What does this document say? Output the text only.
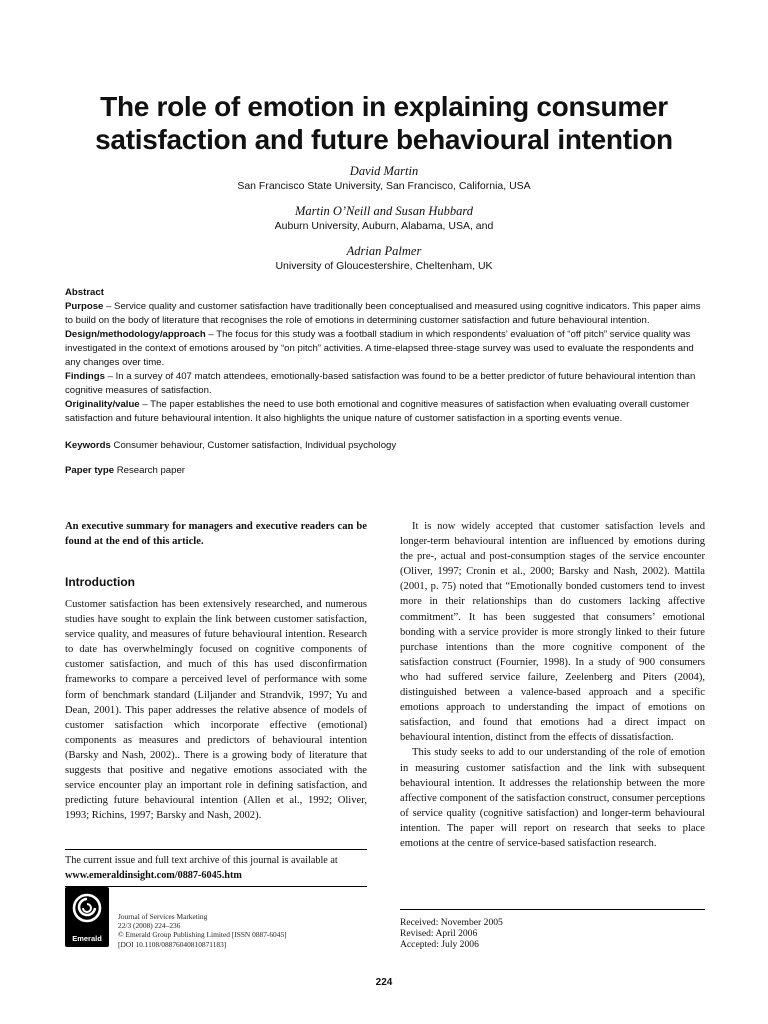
The role of emotion in explaining consumer satisfaction and future behavioural intention
David Martin
San Francisco State University, San Francisco, California, USA
Martin O’Neill and Susan Hubbard
Auburn University, Auburn, Alabama, USA, and
Adrian Palmer
University of Gloucestershire, Cheltenham, UK

Abstract

Purpose – Service quality and customer satisfaction have traditionally been conceptualised and measured using cognitive indicators. This paper aims to build on the body of literature that recognises the role of emotions in determining customer satisfaction and future behavioural intention.

Design/methodology/approach – The focus for this study was a football stadium in which respondents’ evaluation of “off pitch” service quality was investigated in the context of emotions aroused by “on pitch” activities. A time-elapsed three-stage survey was used to evaluate the respondents and any changes over time.

Findings – In a survey of 407 match attendees, emotionally-based satisfaction was found to be a better predictor of future behavioural intention than cognitive measures of satisfaction.

Originality/value – The paper establishes the need to use both emotional and cognitive measures of satisfaction when evaluating overall customer satisfaction and future behavioural intention. It also highlights the unique nature of customer satisfaction in a sporting events venue.

Keywords Consumer behaviour, Customer satisfaction, Individual psychology

Paper type Research paper

An executive summary for managers and executive readers can be found at the end of this article.
Introduction
Customer satisfaction has been extensively researched, and numerous studies have sought to explain the link between customer satisfaction, service quality, and measures of future behavioural intention. Research to date has overwhelmingly focused on cognitive components of customer satisfaction, and much of this has used disconfirmation frameworks to compare a perceived level of performance with some form of benchmark standard (Liljander and Strandvik, 1997; Yu and Dean, 2001). This paper addresses the relative absence of models of customer satisfaction which incorporate effective (emotional) components as measures and predictors of behavioural intention (Barsky and Nash, 2002).. There is a growing body of literature that suggests that positive and negative emotions associated with the service encounter play an important role in defining satisfaction, and predicting future behavioural intention (Allen et al., 1992; Oliver, 1993; Richins, 1997; Barsky and Nash, 2002).

It is now widely accepted that customer satisfaction levels and longer-term behavioural intention are influenced by emotions during the pre-, actual and post-consumption stages of the service encounter (Oliver, 1997; Cronin et al., 2000; Barsky and Nash, 2002). Mattila (2001, p. 75) noted that “Emotionally bonded customers tend to invest more in their relationships than do customers lacking affective commitment”. It has been suggested that consumers’ emotional bonding with a service provider is more strongly linked to their future purchase intentions than the more cognitive component of the satisfaction construct (Fournier, 1998). In a study of 900 consumers who had suffered service failure, Zeelenberg and Piters (2004), distinguished between a valence-based approach and a specific emotions approach to understanding the impact of emotions on satisfaction, and found that emotions had a direct impact on behavioural intention, distinct from the effects of dissatisfaction.

This study seeks to add to our understanding of the role of emotion in measuring customer satisfaction and the link with subsequent behavioural intention. It addresses the relationship between the more affective component of the satisfaction construct, consumer perceptions of service quality (cognitive satisfaction) and longer-term behavioural intention. The paper will report on research that seeks to place emotions at the centre of service-based satisfaction research.

The current issue and full text archive of this journal is available at
www.emeraldinsight.com/0887-6045.htm
Emerald
Journal of Services Marketing
22/3 (2008) 224–236
© Emerald Group Publishing Limited [ISSN 0887-6045]
[DOI 10.1108/08876040810871183]
Received: November 2005
Revised: April 2006
Accepted: July 2006
224
